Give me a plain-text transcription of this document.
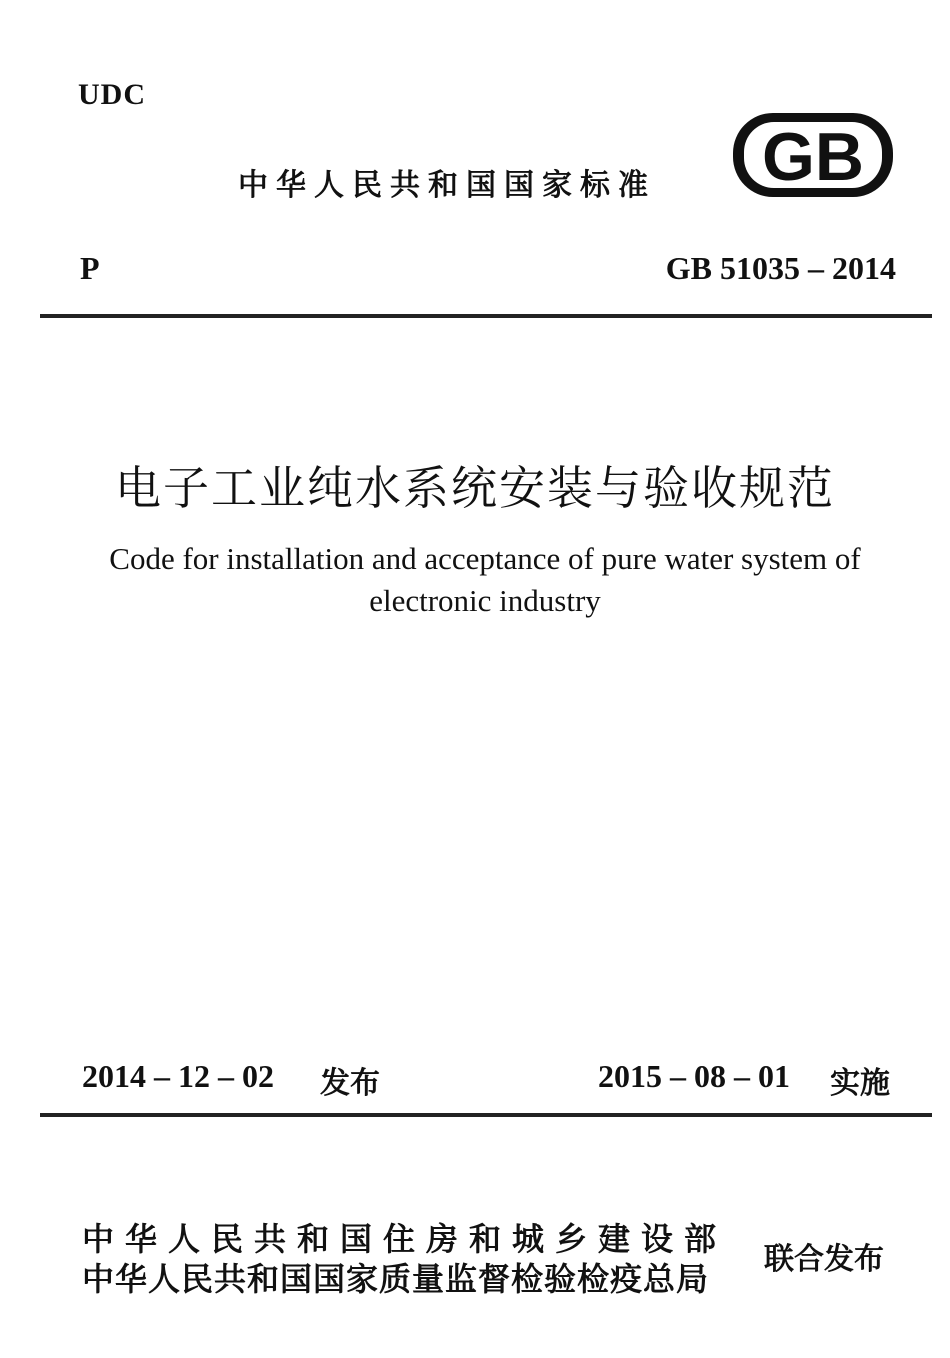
UDC
中华人民共和国国家标准 GB
P	GB 51035 – 2014
电子工业纯水系统安装与验收规范
Code for installation and acceptance of pure water system of
electronic industry
2014 – 12 – 02 发布	2015 – 08 – 01 实施
中华人民共和国住房和城乡建设部
中华人民共和国国家质量监督检验检疫总局
联合发布
